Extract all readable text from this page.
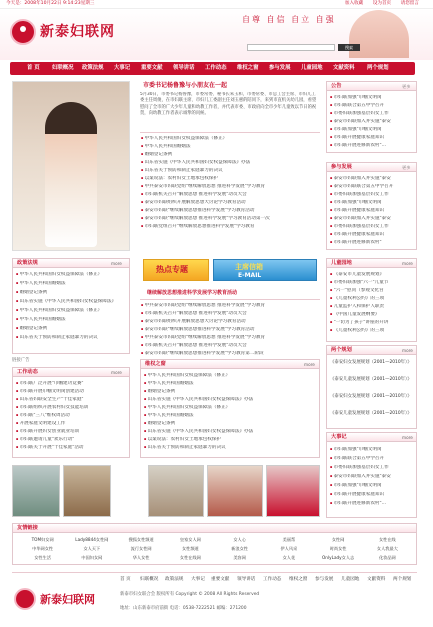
今天是：2008年10月22日 9:14:23星期三	加入收藏 设为首页 请您留言
新泰妇联网
自尊 自信 自立 自强
搜索
首 页 妇联概况 政策法规 大事记 重要文献 领导讲话 工作动态 维权之窗 参与发展 儿童园地 文献资料 两个规划
市委书记杨鲁豫与小朋友在一起
5月30日，市委书记杨鲁豫，市委常委、秘书长朱玉和，市委常委、市总工会主席、市妇儿工委主任周俊，在市妇联主席、市妇儿工委副主任刘玉惠的陪同下，来到市直机关幼儿园，看望慰问了全市的广大少年儿童和幼教工作者，并代表市委、市政府向全市少年儿童致以节日的祝贺，向幼教工作者表示诚挚的问候。
▪ 中华人民共和国妇女权益保障法（修正）
▪ 中华人民共和国婚姻法
▪ 婚姻登记条例
▪ 山东省实施《中华人民共和国妇女权益保障法》办法
▪ 山东省关于预防和制止家庭暴力的决议
▪ 以案说法：农村妇女土地承包权保护
▪ 中共泰安市妇联党组"继续解放思想 推进科学发展"学习教育
▪ 市妇联机关召开"解放思想 推进科学发展"动员大会
▪ 泰安市妇联组织开展解放思想大讨论学习教育活动
▪ 泰安市妇联"继续解放思想推进科学发展"学习教育活动
▪ 泰安市妇联"继续解放思想 推进科学发展"学习教育活动第一次
▪ 市妇联党组召开"继续解放思想推进科学发展"学习教育
公告	更多
▪ 市妇联加强"巾帼文明岗
▪ 市妇联联合第五中学召开
▪ 市委妇联加强基层妇女工作
▪ 泰安市妇联加入并实施"泰安
▪ 市妇联加强"巾帼文明岗
▪ 市妇联开展健康家庭知识
▪ 市妇联开展进修新农村"...
参与发展	更多
▪ 泰安市妇联加入并实施"泰安
▪ 泰安市妇联联合第五中学召开
▪ 市委妇联加强基层妇女工作
▪ 市妇联加强"巾帼文明岗
▪ 市妇联开展健康家庭知识
▪ 泰安市妇联加入并实施"泰安
▪ 市委妇联加强基层妇女工作
▪ 市妇联开展健康家庭知识
▪ 市妇联开展进修新农村"
政策法规	more
▪ 中华人民共和国妇女权益保障法（修正）
▪ 中华人民共和国婚姻法
▪ 婚姻登记条例
▪ 山东省实施《中华人民共和国妇女权益保障法》
▪ 中华人民共和国妇女权益保障法（修正）
▪ 中华人民共和国婚姻法
▪ 婚姻登记条例
▪ 山东省关于预防和制止家庭暴力的决议
链接广告
工作动态	more
▪ 市妇联广泛开展"巾帼建功竞赛"
▪ 市妇联开展巾帼文明岗创建活动
▪ 山东省妇联安全生产"十佳家庭"
▪ 市妇联组织开展农村妇女技能培训
▪ 市妇联"三八"维权周活动
▪ 开展家庭文明建设工作
▪ 市妇联开展妇女创业就业培训
▪ 市妇联邀请儿童"欢乐行动"
▪ 市妇联关于开展"十佳家庭"活动
热点专题	主席信箱
E-MAIL
继续解放思想推进科学发展学习教育活动
▪ 中共泰安市妇联党组"继续解放思想 推进科学发展"学习教育
▪ 市妇联机关召开"解放思想 推进科学发展"动员大会
▪ 泰安市妇联组织开展解放思想大讨论学习教育活动
▪ 泰安市妇联"继续解放思想推进科学发展"学习教育活动
▪ 中共泰安市妇联党组"继续解放思想 推进科学发展"学习教育
▪ 市妇联机关召开"解放思想 推进科学发展"动员大会
▪ 泰安市妇联"继续解放思想推进科学发展"学习教育第二阶段
维权之窗	more
▪ 中华人民共和国妇女权益保障法（修正）
▪ 中华人民共和国婚姻法
▪ 婚姻登记条例
▪ 山东省实施《中华人民共和国妇女权益保障法》办法
▪ 中华人民共和国妇女权益保障法（修正）
▪ 中华人民共和国婚姻法
▪ 婚姻登记条例
▪ 山东省实施《中华人民共和国妇女权益保障法》办法
▪ 以案说法：农村妇女土地承包权保护
▪ 山东省关于预防和制止家庭暴力的决议
儿童园地	more
▪ 《泰安市儿童发展规划》
▪ 市委妇联加强"六一"儿童节
▪ "六一"慰问（参观文化宫
▪ 《儿童权利公约》的三项
▪ 儿童监护人和保护人职责
▪ 《中国儿童发展纲要》
▪ "一切为了孩子"讲座的开讲
▪ 《儿童权利公约》的三项
两个规划	more
《泰安妇女发展规划（2001—2010年）》
《泰安儿童发展规划（2001—2010年）》
《泰安妇女发展规划（2001—2010年）》
《泰安儿童发展规划（2001—2010年）》
大事记	more
▪ 市妇联加强"巾帼文明岗
▪ 市妇联联合第五中学召开
▪ 市委妇联加强基层妇女工作
▪ 泰安市妇联加入并实施"泰安
▪ 市妇联加强"巾帼文明岗
▪ 市妇联开展健康家庭知识
▪ 市妇联开展进修新农村"...
友情链接
TOM妇女网	Lady8844女性网	搜狐女性频道	皇家女人网	女人心	美丽帮	女性网	女性在线
中华网女性	女人天下	流行女性网	女性频道	新浪女性	伊人风采	时尚女性	女人我最大
女性生活	中国妇女网	华人女性	女性在线网	美容网	女人花	OnlyLady女人志	化妆品网
首 页 妇联概况 政策法规 大事记 重要文献 领导讲话 工作动态 维权之窗 参与发展 儿童园地 文献资料 两个规划
新泰妇联网	新泰市妇女联合会 版权所有 Copyright © 2008 All Rights Reserved
地址：山东新泰市府前街 电话：0538-7222521 邮编：271200
